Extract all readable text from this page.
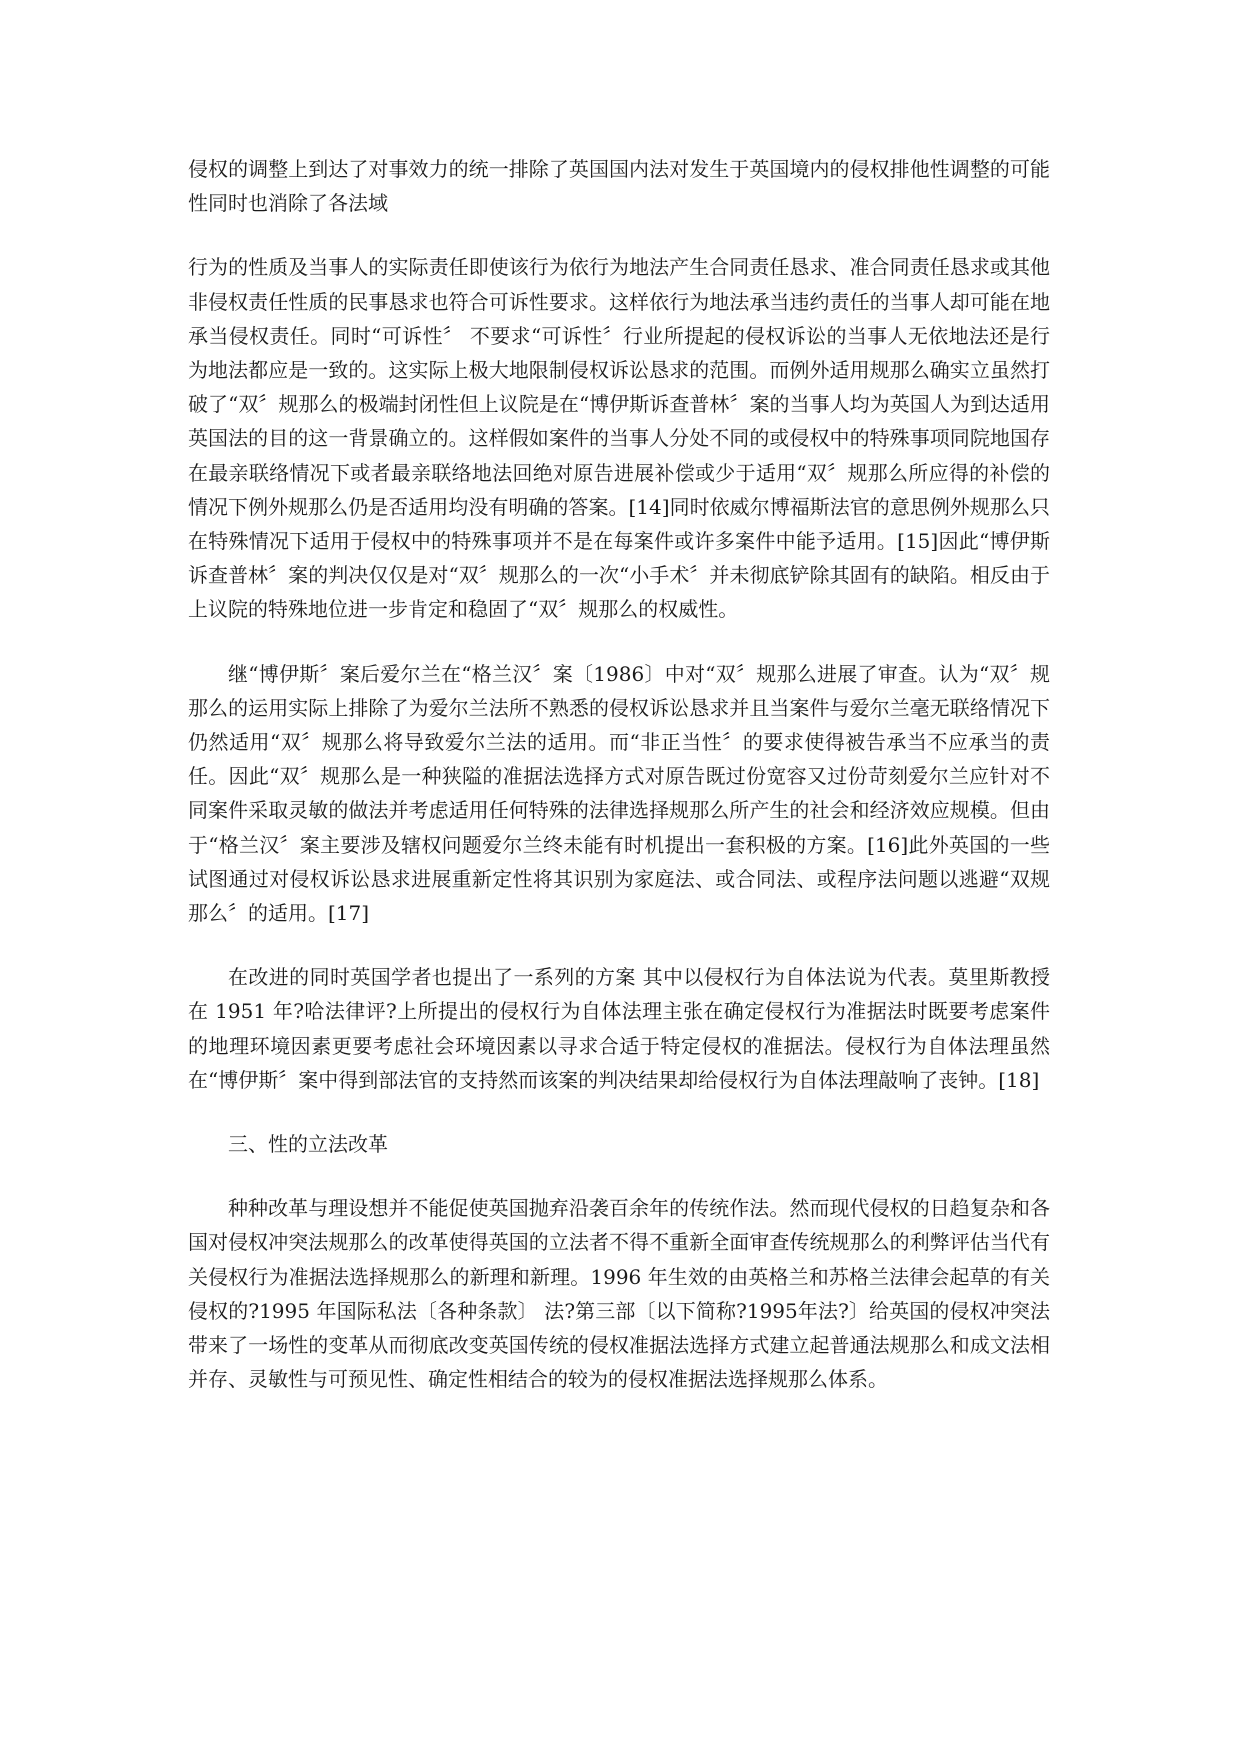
侵权的调整上到达了对事效力的统一排除了英国国内法对发生于英国境内的侵权排他性调整的可能性同时也消除了各法域

行为的性质及当事人的实际责任即使该行为依行为地法产生合同责任恳求、准合同责任恳求或其他非侵权责任性质的民事恳求也符合可诉性要求。这样依行为地法承当违约责任的当事人却可能在地承当侵权责任。同时“可诉性〞 不要求“可诉性〞行业所提起的侵权诉讼的当事人无依地法还是行为地法都应是一致的。这实际上极大地限制侵权诉讼恳求的范围。而例外适用规那么确实立虽然打破了“双〞规那么的极端封闭性但上议院是在“博伊斯诉查普林〞案的当事人均为英国人为到达适用英国法的目的这一背景确立的。这样假如案件的当事人分处不同的或侵权中的特殊事项同院地国存在最亲联络情况下或者最亲联络地法回绝对原告进展补偿或少于适用“双〞规那么所应得的补偿的情况下例外规那么仍是否适用均没有明确的答案。[14]同时依威尔博福斯法官的意思例外规那么只在特殊情况下适用于侵权中的特殊事项并不是在每案件或许多案件中能予适用。[15]因此“博伊斯诉查普林〞案的判决仅仅是对“双〞规那么的一次“小手术〞并未彻底铲除其固有的缺陷。相反由于上议院的特殊地位进一步肯定和稳固了“双〞规那么的权威性。

继“博伊斯〞案后爱尔兰在“格兰汉〞案〔1986〕中对“双〞规那么进展了审查。认为“双〞规那么的运用实际上排除了为爱尔兰法所不熟悉的侵权诉讼恳求并且当案件与爱尔兰毫无联络情况下仍然适用“双〞规那么将导致爱尔兰法的适用。而“非正当性〞的要求使得被告承当不应承当的责任。因此“双〞规那么是一种狭隘的准据法选择方式对原告既过份宽容又过份苛刻爱尔兰应针对不同案件采取灵敏的做法并考虑适用任何特殊的法律选择规那么所产生的社会和经济效应规模。但由于“格兰汉〞案主要涉及辖权问题爱尔兰终未能有时机提出一套积极的方案。[16]此外英国的一些试图通过对侵权诉讼恳求进展重新定性将其识别为家庭法、或合同法、或程序法问题以逃避“双规那么〞的适用。[17]

在改进的同时英国学者也提出了一系列的方案 其中以侵权行为自体法说为代表。莫里斯教授在 1951 年?哈法律评?上所提出的侵权行为自体法理主张在确定侵权行为准据法时既要考虑案件的地理环境因素更要考虑社会环境因素以寻求合适于特定侵权的准据法。侵权行为自体法理虽然在“博伊斯〞案中得到部法官的支持然而该案的判决结果却给侵权行为自体法理敲响了丧钟。[18]

三、性的立法改革

种种改革与理设想并不能促使英国抛弃沿袭百余年的传统作法。然而现代侵权的日趋复杂和各国对侵权冲突法规那么的改革使得英国的立法者不得不重新全面审查传统规那么的利弊评估当代有关侵权行为准据法选择规那么的新理和新理。1996 年生效的由英格兰和苏格兰法律会起草的有关侵权的?1995 年国际私法〔各种条款〕 法?第三部〔以下简称?1995年法?〕给英国的侵权冲突法带来了一场性的变革从而彻底改变英国传统的侵权准据法选择方式建立起普通法规那么和成文法相并存、灵敏性与可预见性、确定性相结合的较为的侵权准据法选择规那么体系。
